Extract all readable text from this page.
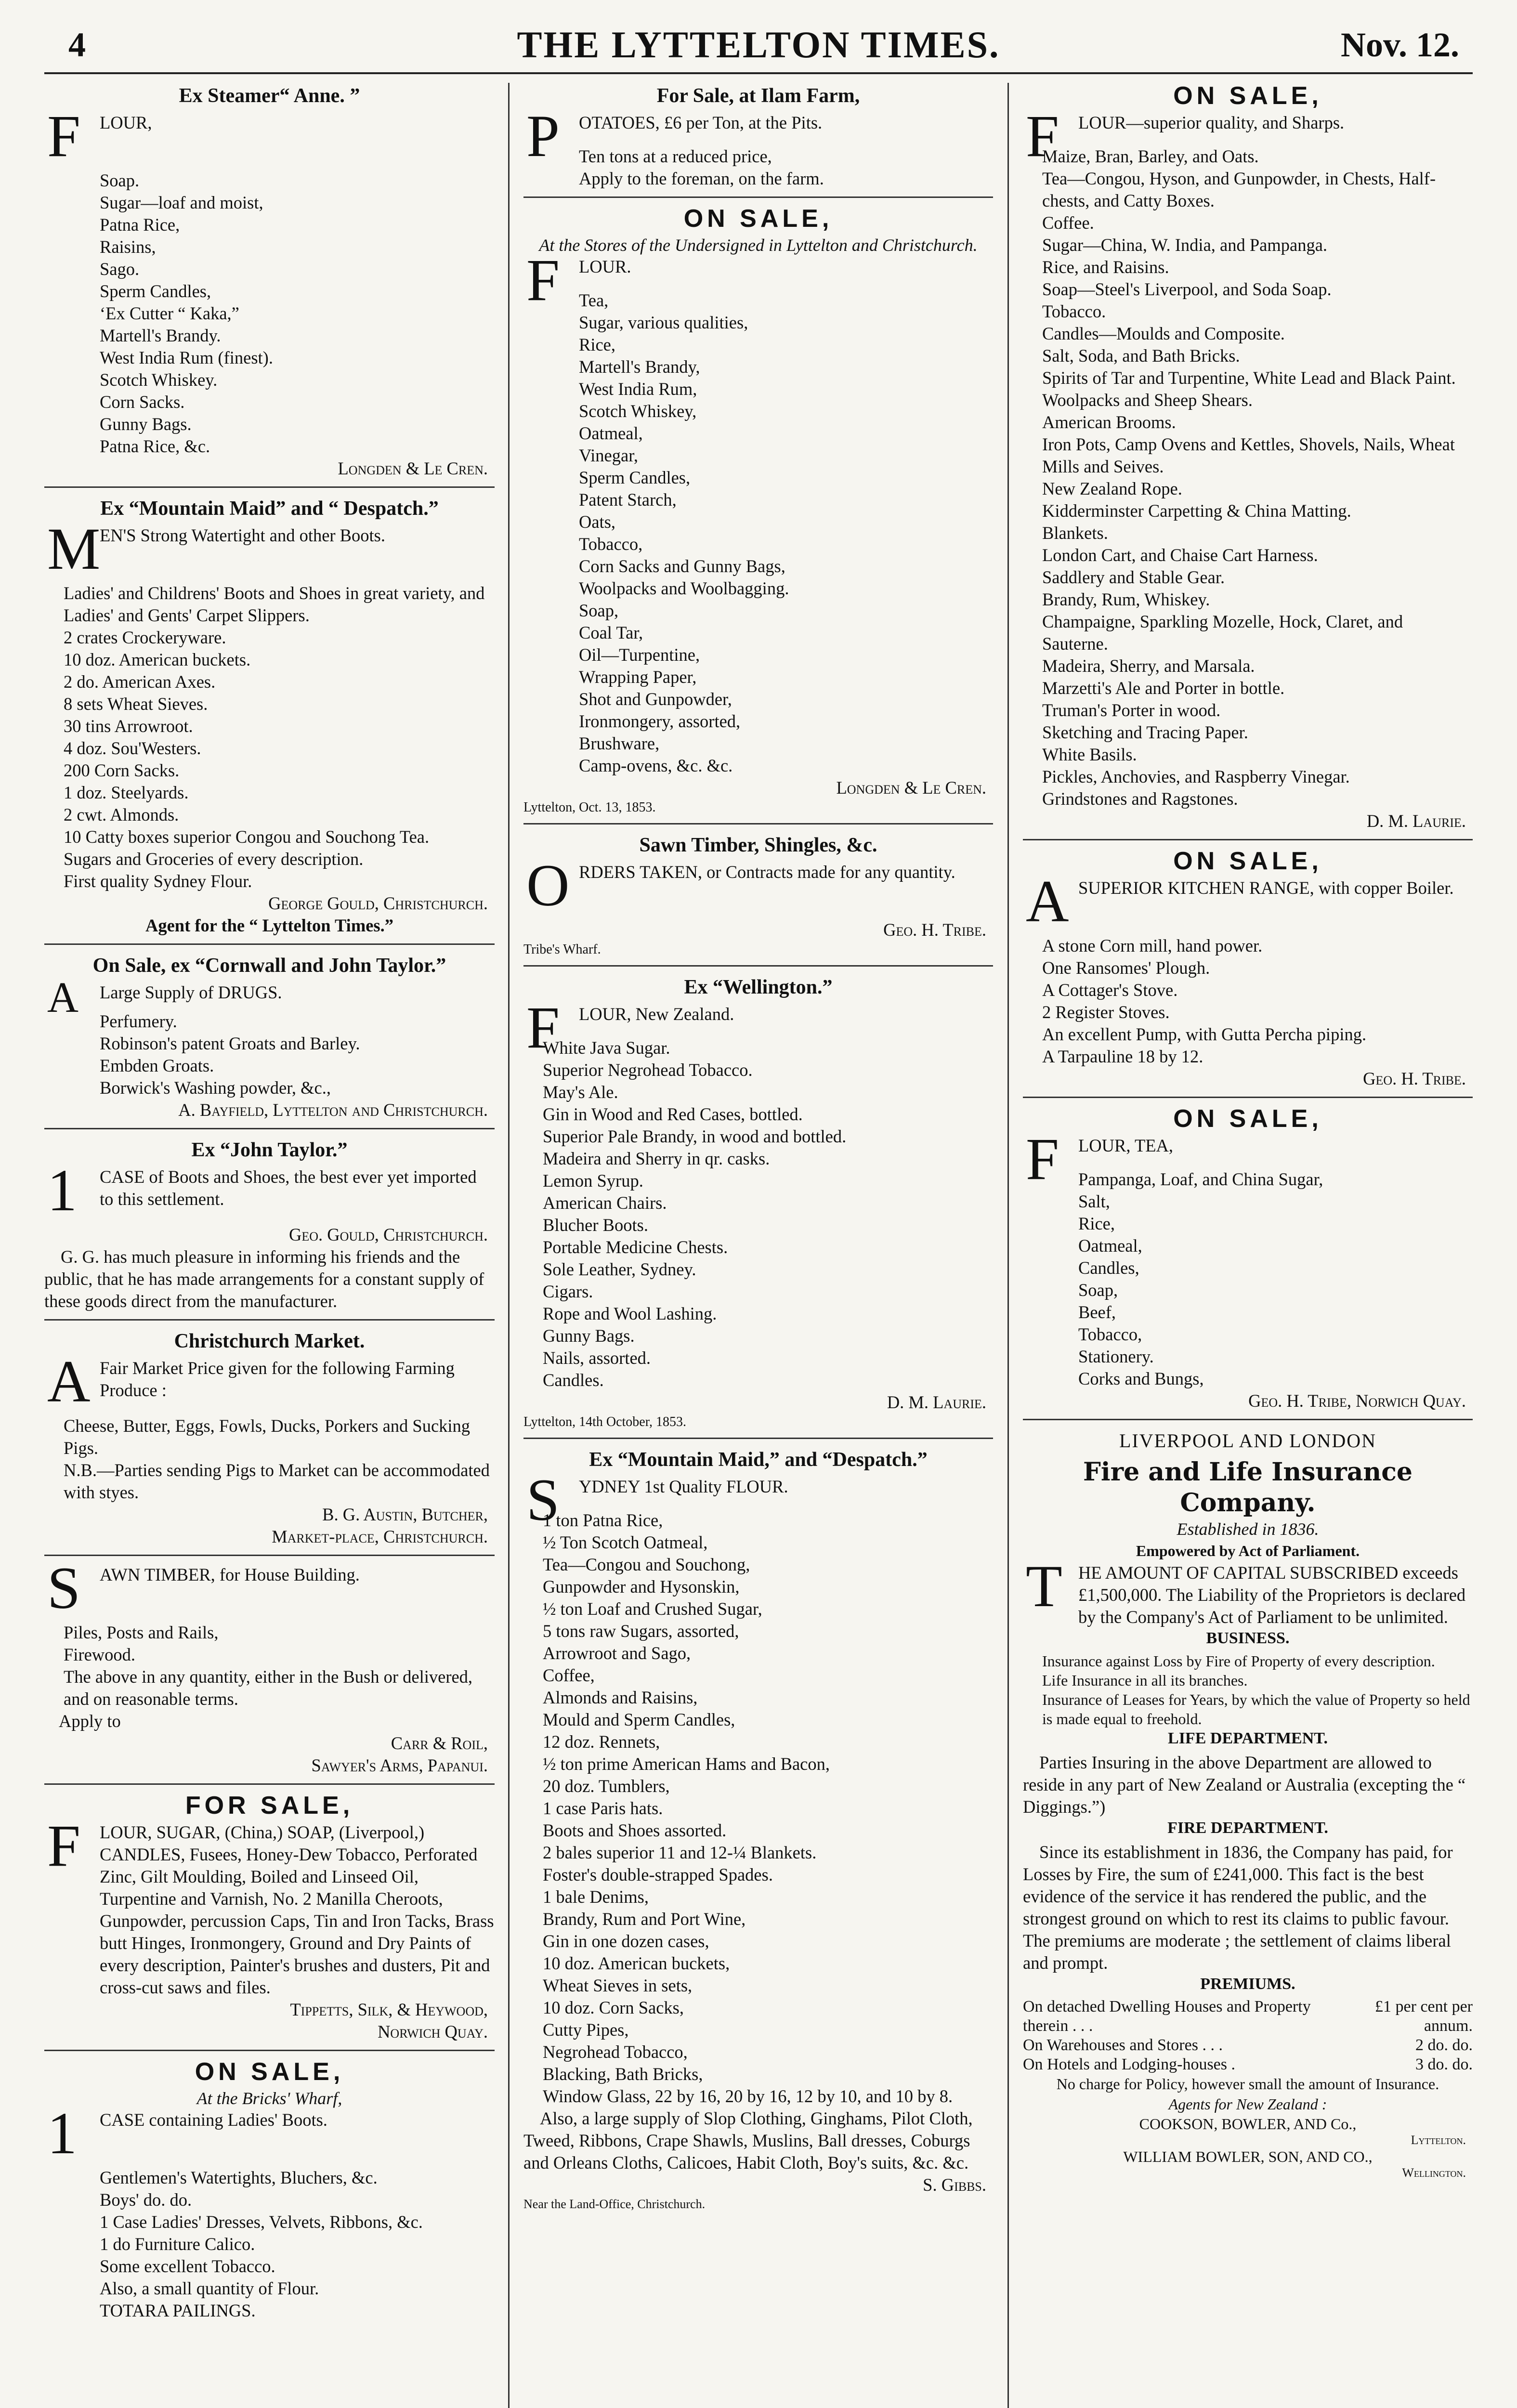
4	THE LYTTELTON TIMES.	Nov. 12.
Ex Steamer“ Anne. ”
F LOUR,
Soap.
Sugar—loaf and moist,
Patna Rice,
Raisins,
Sago.
Sperm Candles,
‘Ex Cutter “ Kaka,”
Martell's Brandy.
West India Rum (finest).
Scotch Whiskey.
Corn Sacks.
Gunny Bags.
Patna Rice, &c.
Longden & Le Cren.
Ex “Mountain Maid” and “ Despatch.”
M
EN'S Strong Watertight and other Boots.
Ladies' and Childrens' Boots and Shoes in great variety, and Ladies' and Gents' Carpet Slippers.
2 crates Crockeryware.
10 doz. American buckets.
2 do. American Axes.
8 sets Wheat Sieves.
30 tins Arrowroot.
4 doz. Sou'Westers.
200 Corn Sacks.
1 doz. Steelyards.
2 cwt. Almonds.
10 Catty boxes superior Congou and Souchong Tea.
Sugars and Groceries of every description.
First quality Sydney Flour.
George Gould, Christchurch.
Agent for the “ Lyttelton Times.”
On Sale, ex “Cornwall and John Taylor.”
A Large Supply of DRUGS.
Perfumery.
Robinson's patent Groats and Barley.
Embden Groats.
Borwick's Washing powder, &c.,
A. Bayfield, Lyttelton and Christchurch.
Ex “John Taylor.”
1 CASE of Boots and Shoes, the best ever yet imported to this settlement.
Geo. Gould, Christchurch.
G. G. has much pleasure in informing his friends and the public, that he has made arrangements for a constant supply of these goods direct from the manufacturer.
Christchurch Market.
A Fair Market Price given for the following Farming Produce :
Cheese, Butter, Eggs, Fowls, Ducks, Porkers and Sucking Pigs.
N.B.—Parties sending Pigs to Market can be accommodated with styes.
B. G. Austin, Butcher,
Market-place, Christchurch.
S AWN TIMBER, for House Building.
Piles, Posts and Rails,
Firewood.
The above in any quantity, either in the Bush or delivered, and on reasonable terms.
Apply to
Carr & Roil,
Sawyer's Arms, Papanui.
FOR SALE,
F LOUR, SUGAR, (China,) SOAP, (Liverpool,) CANDLES, Fusees, Honey-Dew Tobacco, Perforated Zinc, Gilt Moulding, Boiled and Linseed Oil, Turpentine and Varnish, No. 2 Manilla Cheroots, Gunpowder, percussion Caps, Tin and Iron Tacks, Brass butt Hinges, Ironmongery, Ground and Dry Paints of every description, Painter's brushes and dusters, Pit and cross-cut saws and files.
Tippetts, Silk, & Heywood,
Norwich Quay.
ON SALE,
At the Bricks' Wharf,
1 CASE containing Ladies' Boots.
Gentlemen's Watertights, Bluchers, &c.
Boys' do. do.
1 Case Ladies' Dresses, Velvets, Ribbons, &c.
1 do Furniture Calico.
Some excellent Tobacco.
Also, a small quantity of Flour.
TOTARA PAILINGS.
For Sale, at Ilam Farm,
P OTATOES, £6 per Ton, at the Pits.
Ten tons at a reduced price,
Apply to the foreman, on the farm.
ON SALE,
At the Stores of the Undersigned in Lyttelton and Christchurch.
F LOUR.
Tea,
Sugar, various qualities,
Rice,
Martell's Brandy,
West India Rum,
Scotch Whiskey,
Oatmeal,
Vinegar,
Sperm Candles,
Patent Starch,
Oats,
Tobacco,
Corn Sacks and Gunny Bags,
Woolpacks and Woolbagging.
Soap,
Coal Tar,
Oil—Turpentine,
Wrapping Paper,
Shot and Gunpowder,
Ironmongery, assorted,
Brushware,
Camp-ovens, &c. &c.
Longden & Le Cren.
Lyttelton, Oct. 13, 1853.
Sawn Timber, Shingles, &c.
O RDERS TAKEN, or Contracts made for any quantity.
Geo. H. Tribe.
Tribe's Wharf.
Ex “Wellington.”
F LOUR, New Zealand.
White Java Sugar.
Superior Negrohead Tobacco.
May's Ale.
Gin in Wood and Red Cases, bottled.
Superior Pale Brandy, in wood and bottled.
Madeira and Sherry in qr. casks.
Lemon Syrup.
American Chairs.
Blucher Boots.
Portable Medicine Chests.
Sole Leather, Sydney.
Cigars.
Rope and Wool Lashing.
Gunny Bags.
Nails, assorted.
Candles.
D. M. Laurie.
Lyttelton, 14th October, 1853.
Ex “Mountain Maid,” and “Despatch.”
S YDNEY 1st Quality FLOUR.
1 ton Patna Rice,
½ Ton Scotch Oatmeal,
Tea—Congou and Souchong,
Gunpowder and Hysonskin,
½ ton Loaf and Crushed Sugar,
5 tons raw Sugars, assorted,
Arrowroot and Sago,
Coffee,
Almonds and Raisins,
Mould and Sperm Candles,
12 doz. Rennets,
½ ton prime American Hams and Bacon,
20 doz. Tumblers,
1 case Paris hats.
Boots and Shoes assorted.
2 bales superior 11 and 12-¼ Blankets.
Foster's double-strapped Spades.
1 bale Denims,
Brandy, Rum and Port Wine,
Gin in one dozen cases,
10 doz. American buckets,
Wheat Sieves in sets,
10 doz. Corn Sacks,
Cutty Pipes,
Negrohead Tobacco,
Blacking, Bath Bricks,
Window Glass, 22 by 16, 20 by 16, 12 by 10, and 10 by 8.
Also, a large supply of Slop Clothing, Ginghams, Pilot Cloth, Tweed, Ribbons, Crape Shawls, Muslins, Ball dresses, Coburgs and Orleans Cloths, Calicoes, Habit Cloth, Boy's suits, &c. &c.
S. Gibbs.
Near the Land-Office, Christchurch.
ON SALE,
F LOUR—superior quality, and Sharps.
Maize, Bran, Barley, and Oats.
Tea—Congou, Hyson, and Gunpowder, in Chests, Half-chests, and Catty Boxes.
Coffee.
Sugar—China, W. India, and Pampanga.
Rice, and Raisins.
Soap—Steel's Liverpool, and Soda Soap.
Tobacco.
Candles—Moulds and Composite.
Salt, Soda, and Bath Bricks.
Spirits of Tar and Turpentine, White Lead and Black Paint.
Woolpacks and Sheep Shears.
American Brooms.
Iron Pots, Camp Ovens and Kettles, Shovels, Nails, Wheat Mills and Seives.
New Zealand Rope.
Kidderminster Carpetting & China Matting.
Blankets.
London Cart, and Chaise Cart Harness.
Saddlery and Stable Gear.
Brandy, Rum, Whiskey.
Champaigne, Sparkling Mozelle, Hock, Claret, and Sauterne.
Madeira, Sherry, and Marsala.
Marzetti's Ale and Porter in bottle.
Truman's Porter in wood.
Sketching and Tracing Paper.
White Basils.
Pickles, Anchovies, and Raspberry Vinegar.
Grindstones and Ragstones.
D. M. Laurie.
ON SALE,
A SUPERIOR KITCHEN RANGE, with copper Boiler.
A stone Corn mill, hand power.
One Ransomes' Plough.
A Cottager's Stove.
2 Register Stoves.
An excellent Pump, with Gutta Percha piping.
A Tarpauline 18 by 12.
Geo. H. Tribe.
ON SALE,
F LOUR, TEA,
Pampanga, Loaf, and China Sugar,
Salt,
Rice,
Oatmeal,
Candles,
Soap,
Beef,
Tobacco,
Stationery.
Corks and Bungs,
Geo. H. Tribe, Norwich Quay.
LIVERPOOL AND LONDON
Fire and Life Insurance Company.
Established in 1836.
Empowered by Act of Parliament.
T HE AMOUNT OF CAPITAL SUBSCRIBED exceeds £1,500,000. The Liability of the Proprietors is declared by the Company's Act of Parliament to be unlimited.
BUSINESS.
Insurance against Loss by Fire of Property of every description.
Life Insurance in all its branches.
Insurance of Leases for Years, by which the value of Property so held is made equal to freehold.
LIFE DEPARTMENT.
Parties Insuring in the above Department are allowed to reside in any part of New Zealand or Australia (excepting the “ Diggings.”)
FIRE DEPARTMENT.
Since its establishment in 1836, the Company has paid, for Losses by Fire, the sum of £241,000. This fact is the best evidence of the service it has rendered the public, and the strongest ground on which to rest its claims to public favour. The premiums are moderate ; the settlement of claims liberal and prompt.
PREMIUMS.
On detached Dwelling Houses and Property therein . . .	£1 per cent per annum.
On Warehouses and Stores . . .	2 do. do.
On Hotels and Lodging-houses .	3 do. do.
No charge for Policy, however small the amount of Insurance.
Agents for New Zealand :
COOKSON, BOWLER, AND Co.,
Lyttelton.
WILLIAM BOWLER, SON, AND CO.,
Wellington.
